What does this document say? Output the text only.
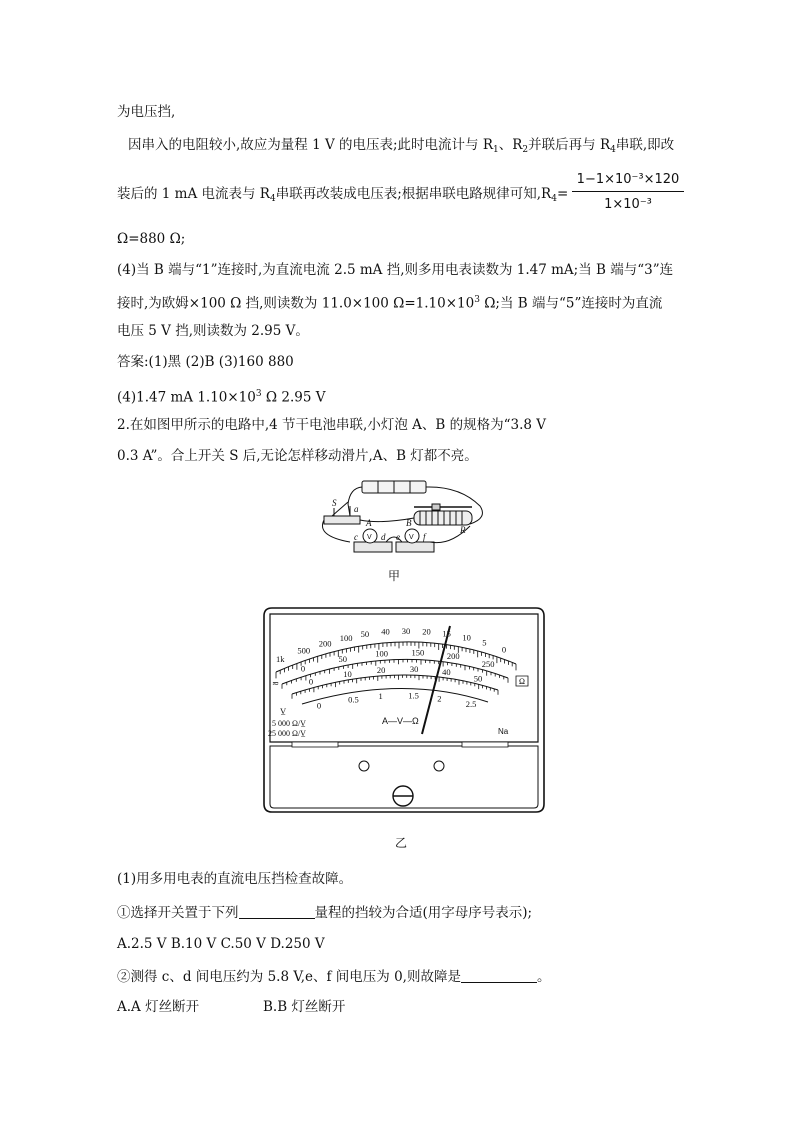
为电压挡,
因串入的电阻较小,故应为量程 1 V 的电压表;此时电流计与 $R_1$、$R_2$并联后再与 $R_4$串联,即改
装后的 1 mA 电流表与 $R_4$串联再改装成电压表;根据串联电路规律可知$,R_4= \frac{\text{1−1×10⁻³×120}}{\text{1×10⁻³}}$
Ω=880 Ω;
(4)当 B 端与“1”连接时,为直流电流 2.5 mA 挡,则多用电表读数为 1.47 mA;当 B 端与“3”连
接时,为欧姆×100 Ω 挡,则读数为 11.0×100 $\Omega=1.10\times 10^3$ Ω;当 B 端与“5”连接时为直流
电压 5 V 挡,则读数为 2.95 V。
答案:(1)黑 (2)B (3)160 880
(4)1.47 mA $1.10\times 10^3$ Ω 2.95 V
2.在如图甲所示的电路中,4 节干电池串联,小灯泡 A、B 的规格为“3.8 V
0.3 A”。合上开关 S 后,无论怎样移动滑片,A、B 灯都不亮。
S
a
A	B
R
c	d e	f
V	V
甲
1k
500
200
100 50 40 30 20 15 10
5
0
0
50
100	150	200
250
0
10	20	30	40
50
0
0.5 1	1.5 2
2.5
≂
V̲
5 000 Ω/V̲
25 000 Ω/V̲
A—V—Ω
Na
Ω
乙
(1)用多用电表的直流电压挡检查故障。
①选择开关置于下列	量程的挡较为合适(用字母序号表示);
A.2.5 V B.10 V C.50 V D.250 V
②测得 c、d 间电压约为 5.8 V,e、f 间电压为 0,则故障是	。
A.A 灯丝断开	B.B 灯丝断开
